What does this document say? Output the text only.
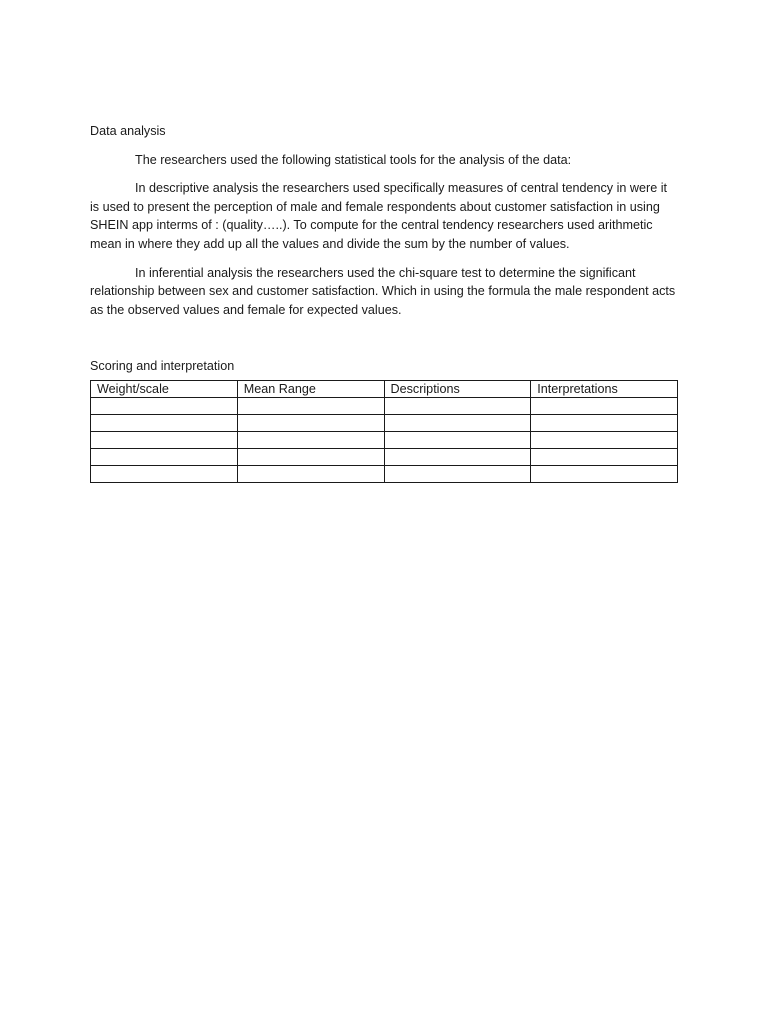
Data analysis

The researchers used the following statistical tools for the analysis of the data:

In descriptive analysis the researchers used specifically measures of central tendency in were it is used to present the perception of male and female respondents about customer satisfaction in using SHEIN app interms of : (quality…..). To compute for the central tendency researchers used arithmetic mean in where they add up all the values and divide the sum by the number of values.

In inferential analysis the researchers used the chi-square test to determine the significant relationship between sex and customer satisfaction. Which in using the formula the male respondent acts as the observed values and female for expected values.

Scoring and interpretation

Weight/scale	Mean Range	Descriptions	Interpretations
